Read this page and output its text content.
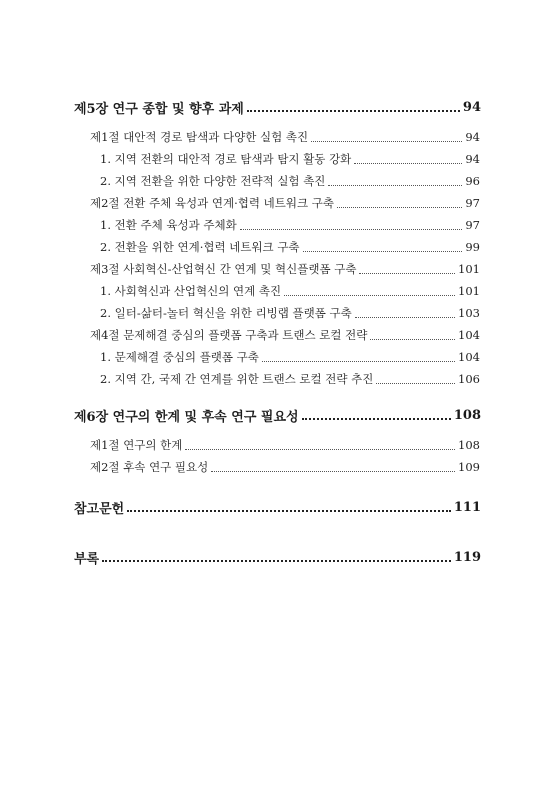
제5장 연구 종합 및 향후 과제	94
제1절 대안적 경로 탐색과 다양한 실험 촉진	94
1. 지역 전환의 대안적 경로 탐색과 탐지 활동 강화	94
2. 지역 전환을 위한 다양한 전략적 실험 촉진	96
제2절 전환 주체 육성과 연계·협력 네트워크 구축	97
1. 전환 주체 육성과 주체화	97
2. 전환을 위한 연계·협력 네트워크 구축	99
제3절 사회혁신-산업혁신 간 연계 및 혁신플랫폼 구축	101
1. 사회혁신과 산업혁신의 연계 촉진	101
2. 일터-삶터-놀터 혁신을 위한 리빙랩 플랫폼 구축	103
제4절 문제해결 중심의 플랫폼 구축과 트랜스 로컬 전략	104
1. 문제해결 중심의 플랫폼 구축	104
2. 지역 간, 국제 간 연계를 위한 트랜스 로컬 전략 추진	106
제6장 연구의 한계 및 후속 연구 필요성	108
제1절 연구의 한계	108
제2절 후속 연구 필요성	109
참고문헌	111
부록	119
